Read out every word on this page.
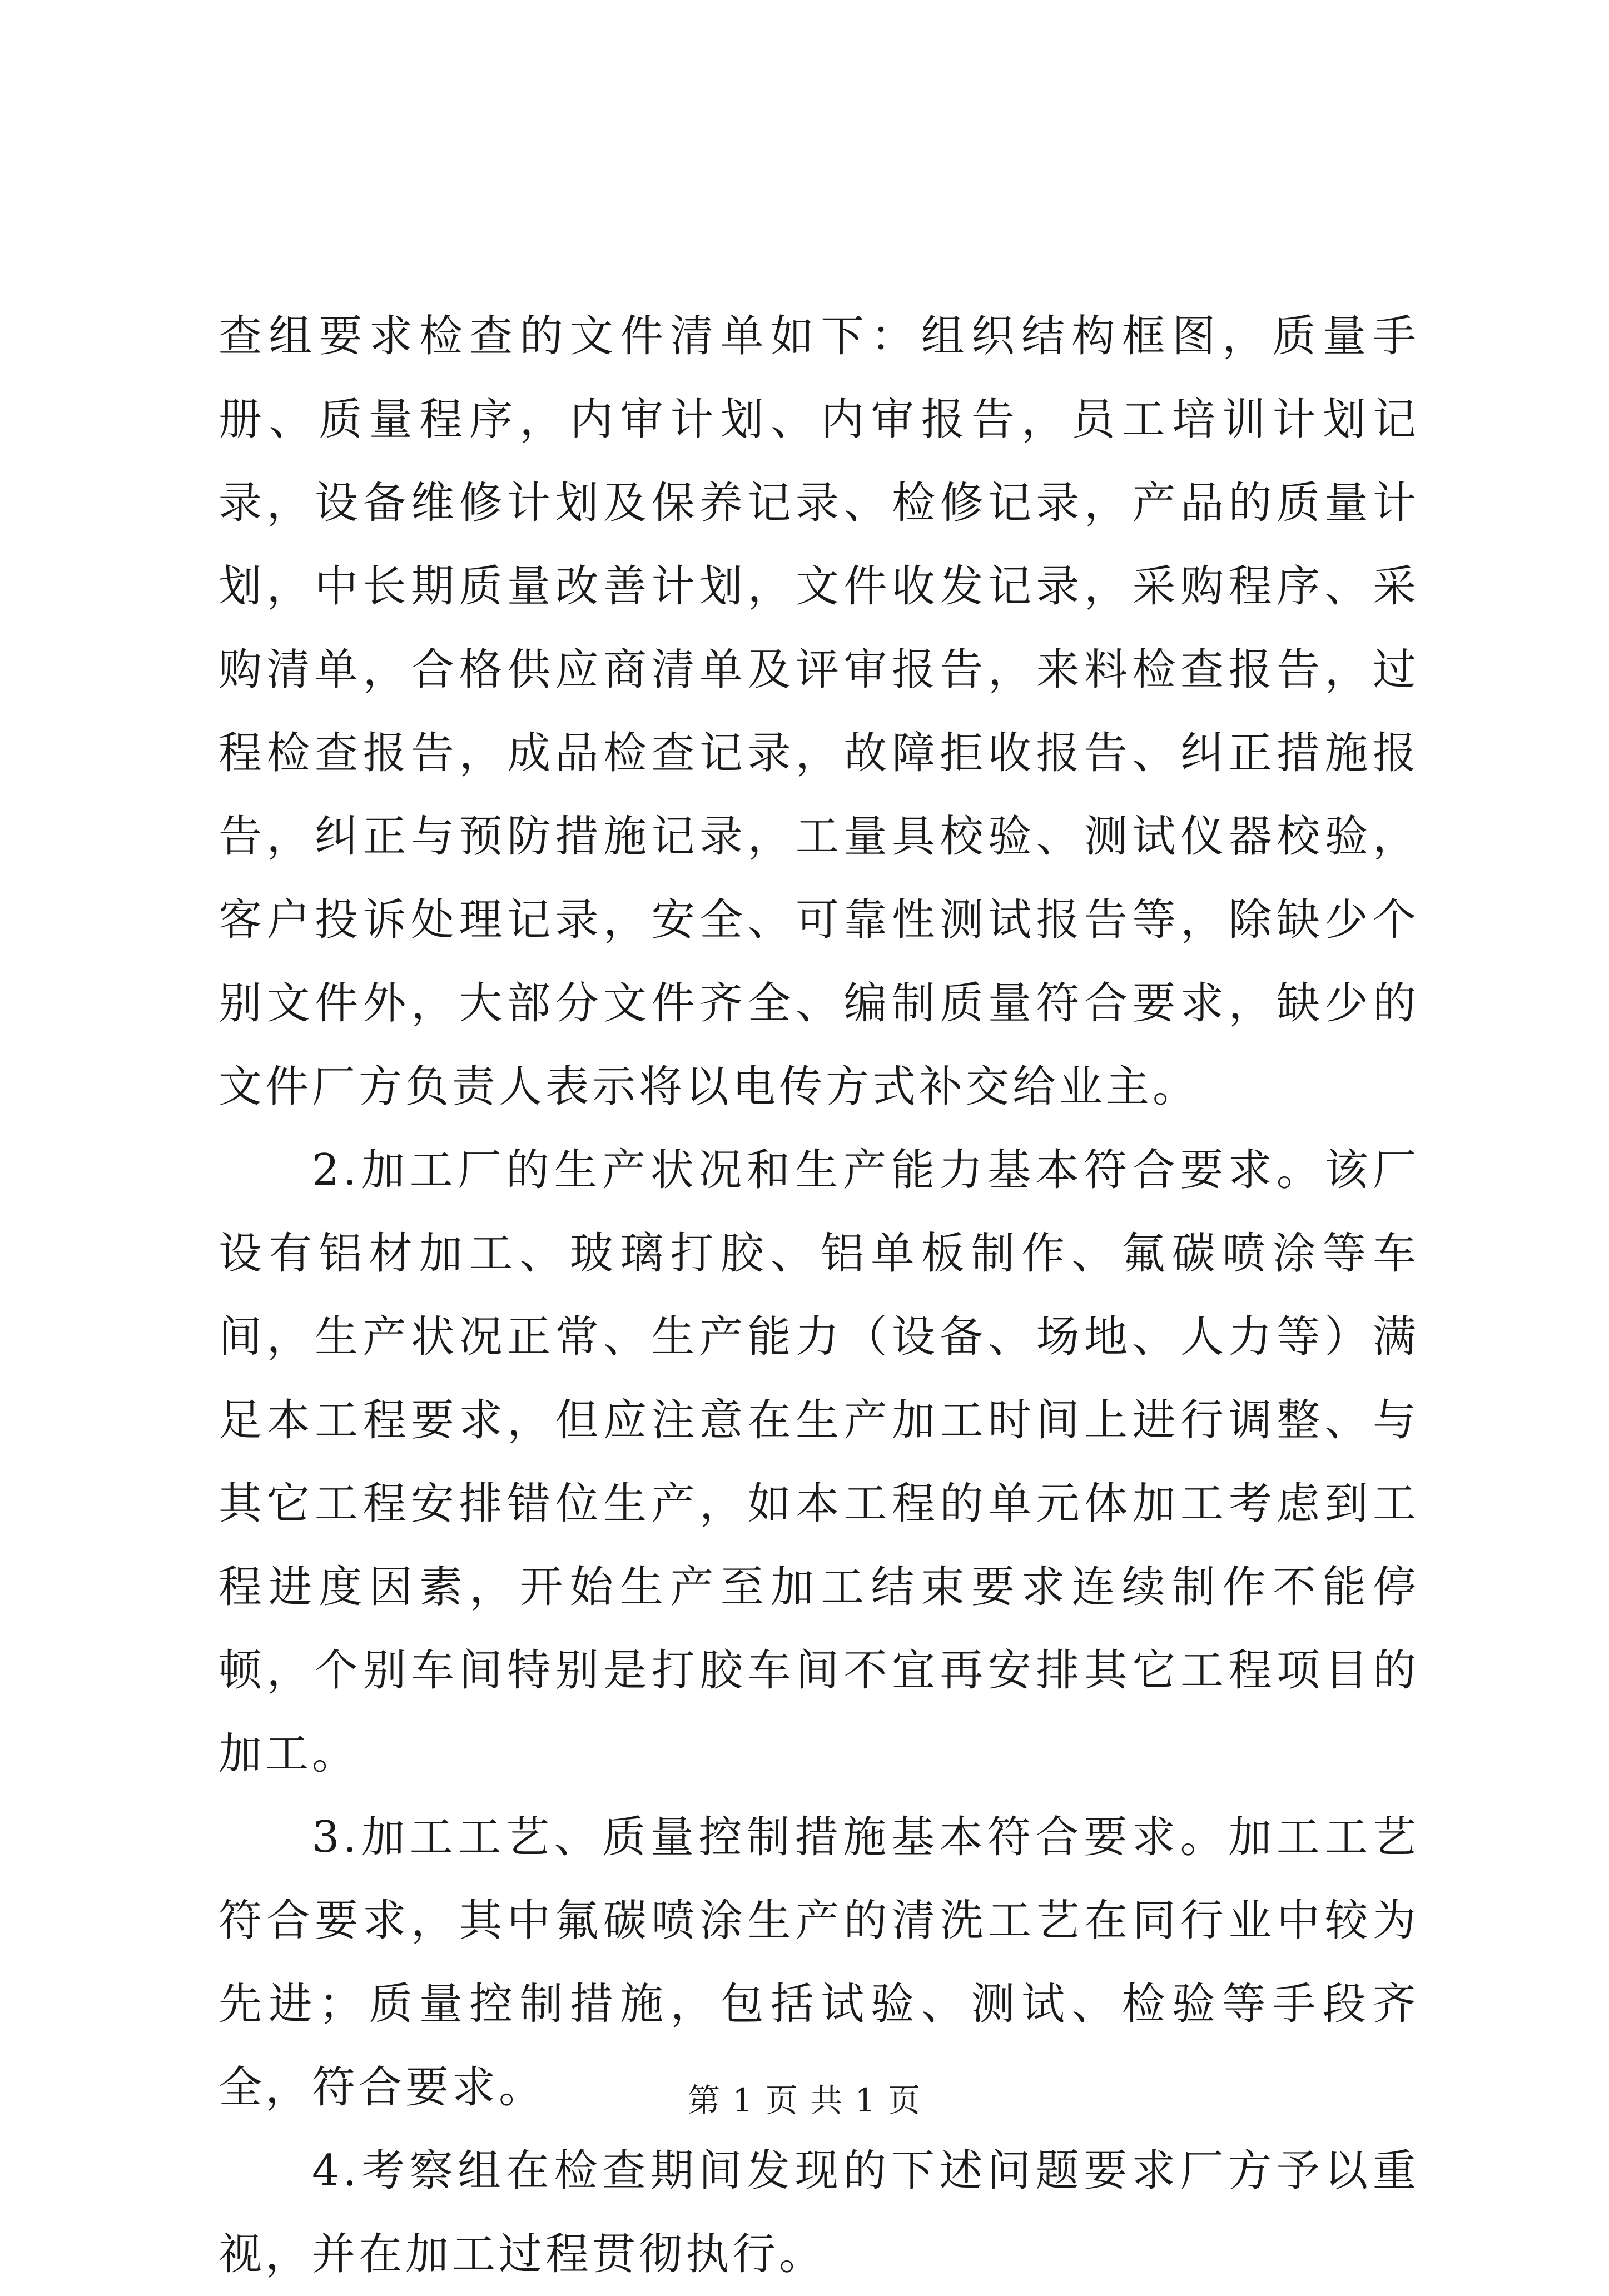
查组要求检查的文件清单如下：组织结构框图，质量手册、质量程序，内审计划、内审报告，员工培训计划记录，设备维修计划及保养记录、检修记录，产品的质量计划，中长期质量改善计划，文件收发记录，采购程序、采购清单，合格供应商清单及评审报告，来料检查报告，过程检查报告，成品检查记录，故障拒收报告、纠正措施报告，纠正与预防措施记录，工量具校验、测试仪器校验，客户投诉处理记录，安全、可靠性测试报告等，除缺少个别文件外，大部分文件齐全、编制质量符合要求，缺少的文件厂方负责人表示将以电传方式补交给业主。

2.加工厂的生产状况和生产能力基本符合要求。该厂设有铝材加工、玻璃打胶、铝单板制作、氟碳喷涂等车间，生产状况正常、生产能力（设备、场地、人力等）满足本工程要求，但应注意在生产加工时间上进行调整、与其它工程安排错位生产，如本工程的单元体加工考虑到工程进度因素，开始生产至加工结束要求连续制作不能停顿，个别车间特别是打胶车间不宜再安排其它工程项目的加工。

3.加工工艺、质量控制措施基本符合要求。加工工艺符合要求，其中氟碳喷涂生产的清洗工艺在同行业中较为先进；质量控制措施，包括试验、测试、检验等手段齐全，符合要求。

4.考察组在检查期间发现的下述问题要求厂方予以重视，并在加工过程贯彻执行。

第 1 页 共 1 页
